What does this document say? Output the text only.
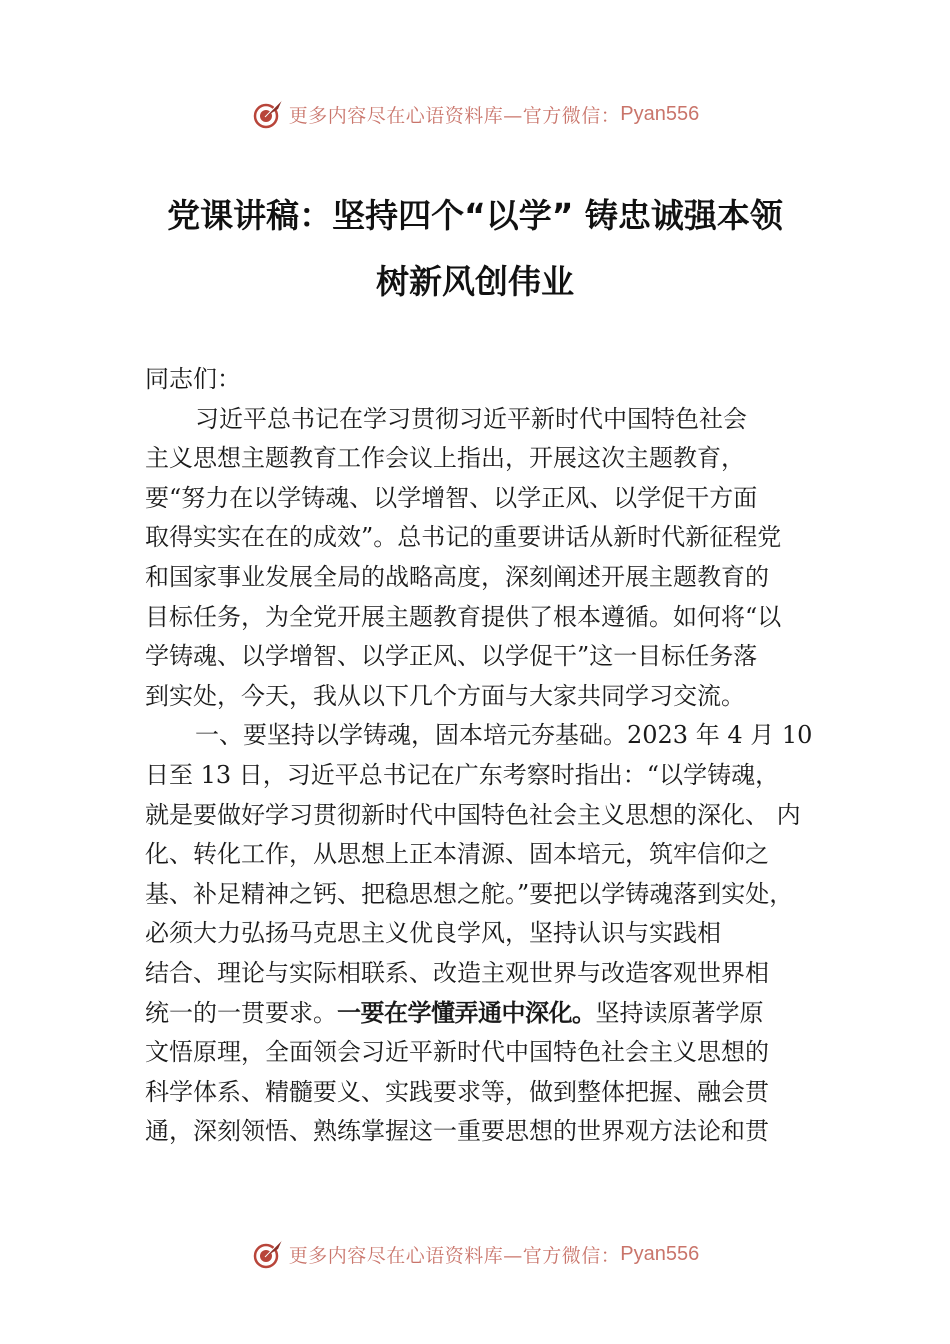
更多内容尽在心语资料库—官方微信： Pyan556
党课讲稿：坚持四个“以学” 铸忠诚强本领
树新风创伟业

同志们：

习近平总书记在学习贯彻习近平新时代中国特色社会

主义思想主题教育工作会议上指出，开展这次主题教育，

要“努力在以学铸魂、以学增智、以学正风、以学促干方面

取得实实在在的成效”。总书记的重要讲话从新时代新征程党

和国家事业发展全局的战略高度，深刻阐述开展主题教育的

目标任务，为全党开展主题教育提供了根本遵循。如何将“以

学铸魂、以学增智、以学正风、以学促干”这一目标任务落

到实处，今天，我从以下几个方面与大家共同学习交流。

一、要坚持以学铸魂，固本培元夯基础。2023 年 4 月 10

日至 13 日，习近平总书记在广东考察时指出：“以学铸魂，

就是要做好学习贯彻新时代中国特色社会主义思想的深化、 内

化、转化工作，从思想上正本清源、固本培元，筑牢信仰之

基、补足精神之钙、把稳思想之舵。”要把以学铸魂落到实处，

必须大力弘扬马克思主义优良学风，坚持认识与实践相

结合、理论与实际相联系、改造主观世界与改造客观世界相

统一的一贯要求。一要在学懂弄通中深化。坚持读原著学原

文悟原理，全面领会习近平新时代中国特色社会主义思想的

科学体系、精髓要义、实践要求等，做到整体把握、融会贯

通，深刻领悟、熟练掌握这一重要思想的世界观方法论和贯

更多内容尽在心语资料库—官方微信： Pyan556
